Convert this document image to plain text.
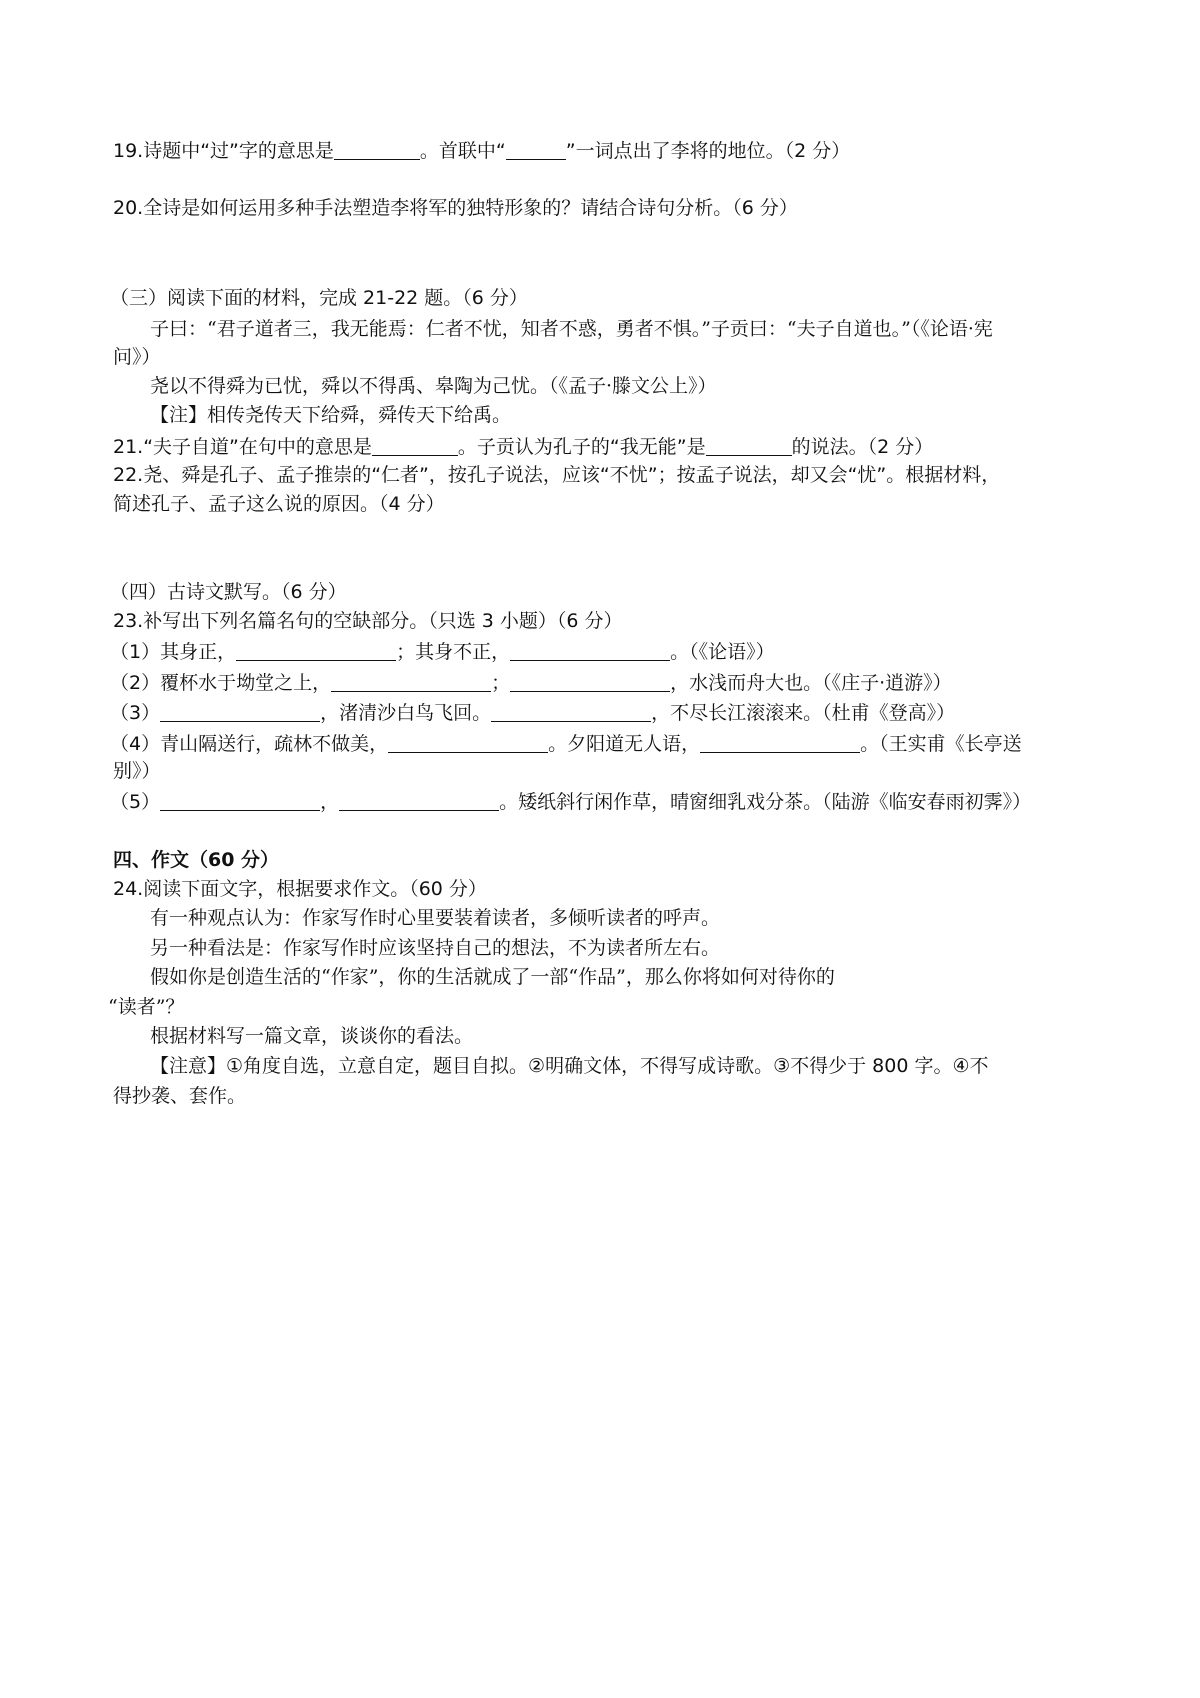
19.诗题中“过”字的意思是	。首联中“	”一词点出了李将的地位。（2 分）
20.全诗是如何运用多种手法塑造李将军的独特形象的？请结合诗句分析。（6 分）
（三）阅读下面的材料，完成 21-22 题。（6 分）
子曰：“君子道者三，我无能焉：仁者不忧，知者不惑，勇者不惧。”子贡曰：“夫子自道也。”（《论语·宪
问》）
尧以不得舜为已忧，舜以不得禹、皋陶为己忧。（《孟子·滕文公上》）
【注】相传尧传天下给舜，舜传天下给禹。
21.“夫子自道”在句中的意思是	。子贡认为孔子的“我无能”是	的说法。（2 分）
22.尧、舜是孔子、孟子推崇的“仁者”，按孔子说法，应该“不忧”；按孟子说法，却又会“忧”。根据材料，
简述孔子、孟子这么说的原因。（4 分）
（四）古诗文默写。（6 分）
23.补写出下列名篇名句的空缺部分。（只选 3 小题）（6 分）
（1）其身正，	；其身不正，	。（《论语》）
（2）覆杯水于坳堂之上，	；	，水浅而舟大也。（《庄子·逍游》）
（3）	，渚清沙白鸟飞回。	，不尽长江滚滚来。（杜甫《登高》）
（4）青山隔送行，疏林不做美，	。夕阳道无人语，	。（王实甫《长亭送
别》）
（5）	，	。矮纸斜行闲作草，晴窗细乳戏分茶。（陆游《临安春雨初霁》）
四、作文（60 分）
24.阅读下面文字，根据要求作文。（60 分）
有一种观点认为：作家写作时心里要装着读者，多倾听读者的呼声。
另一种看法是：作家写作时应该坚持自己的想法，不为读者所左右。
假如你是创造生活的“作家”，你的生活就成了一部“作品”，那么你将如何对待你的
“读者”？
根据材料写一篇文章，谈谈你的看法。
【注意】①角度自选，立意自定，题目自拟。②明确文体，不得写成诗歌。③不得少于 800 字。④不
得抄袭、套作。
